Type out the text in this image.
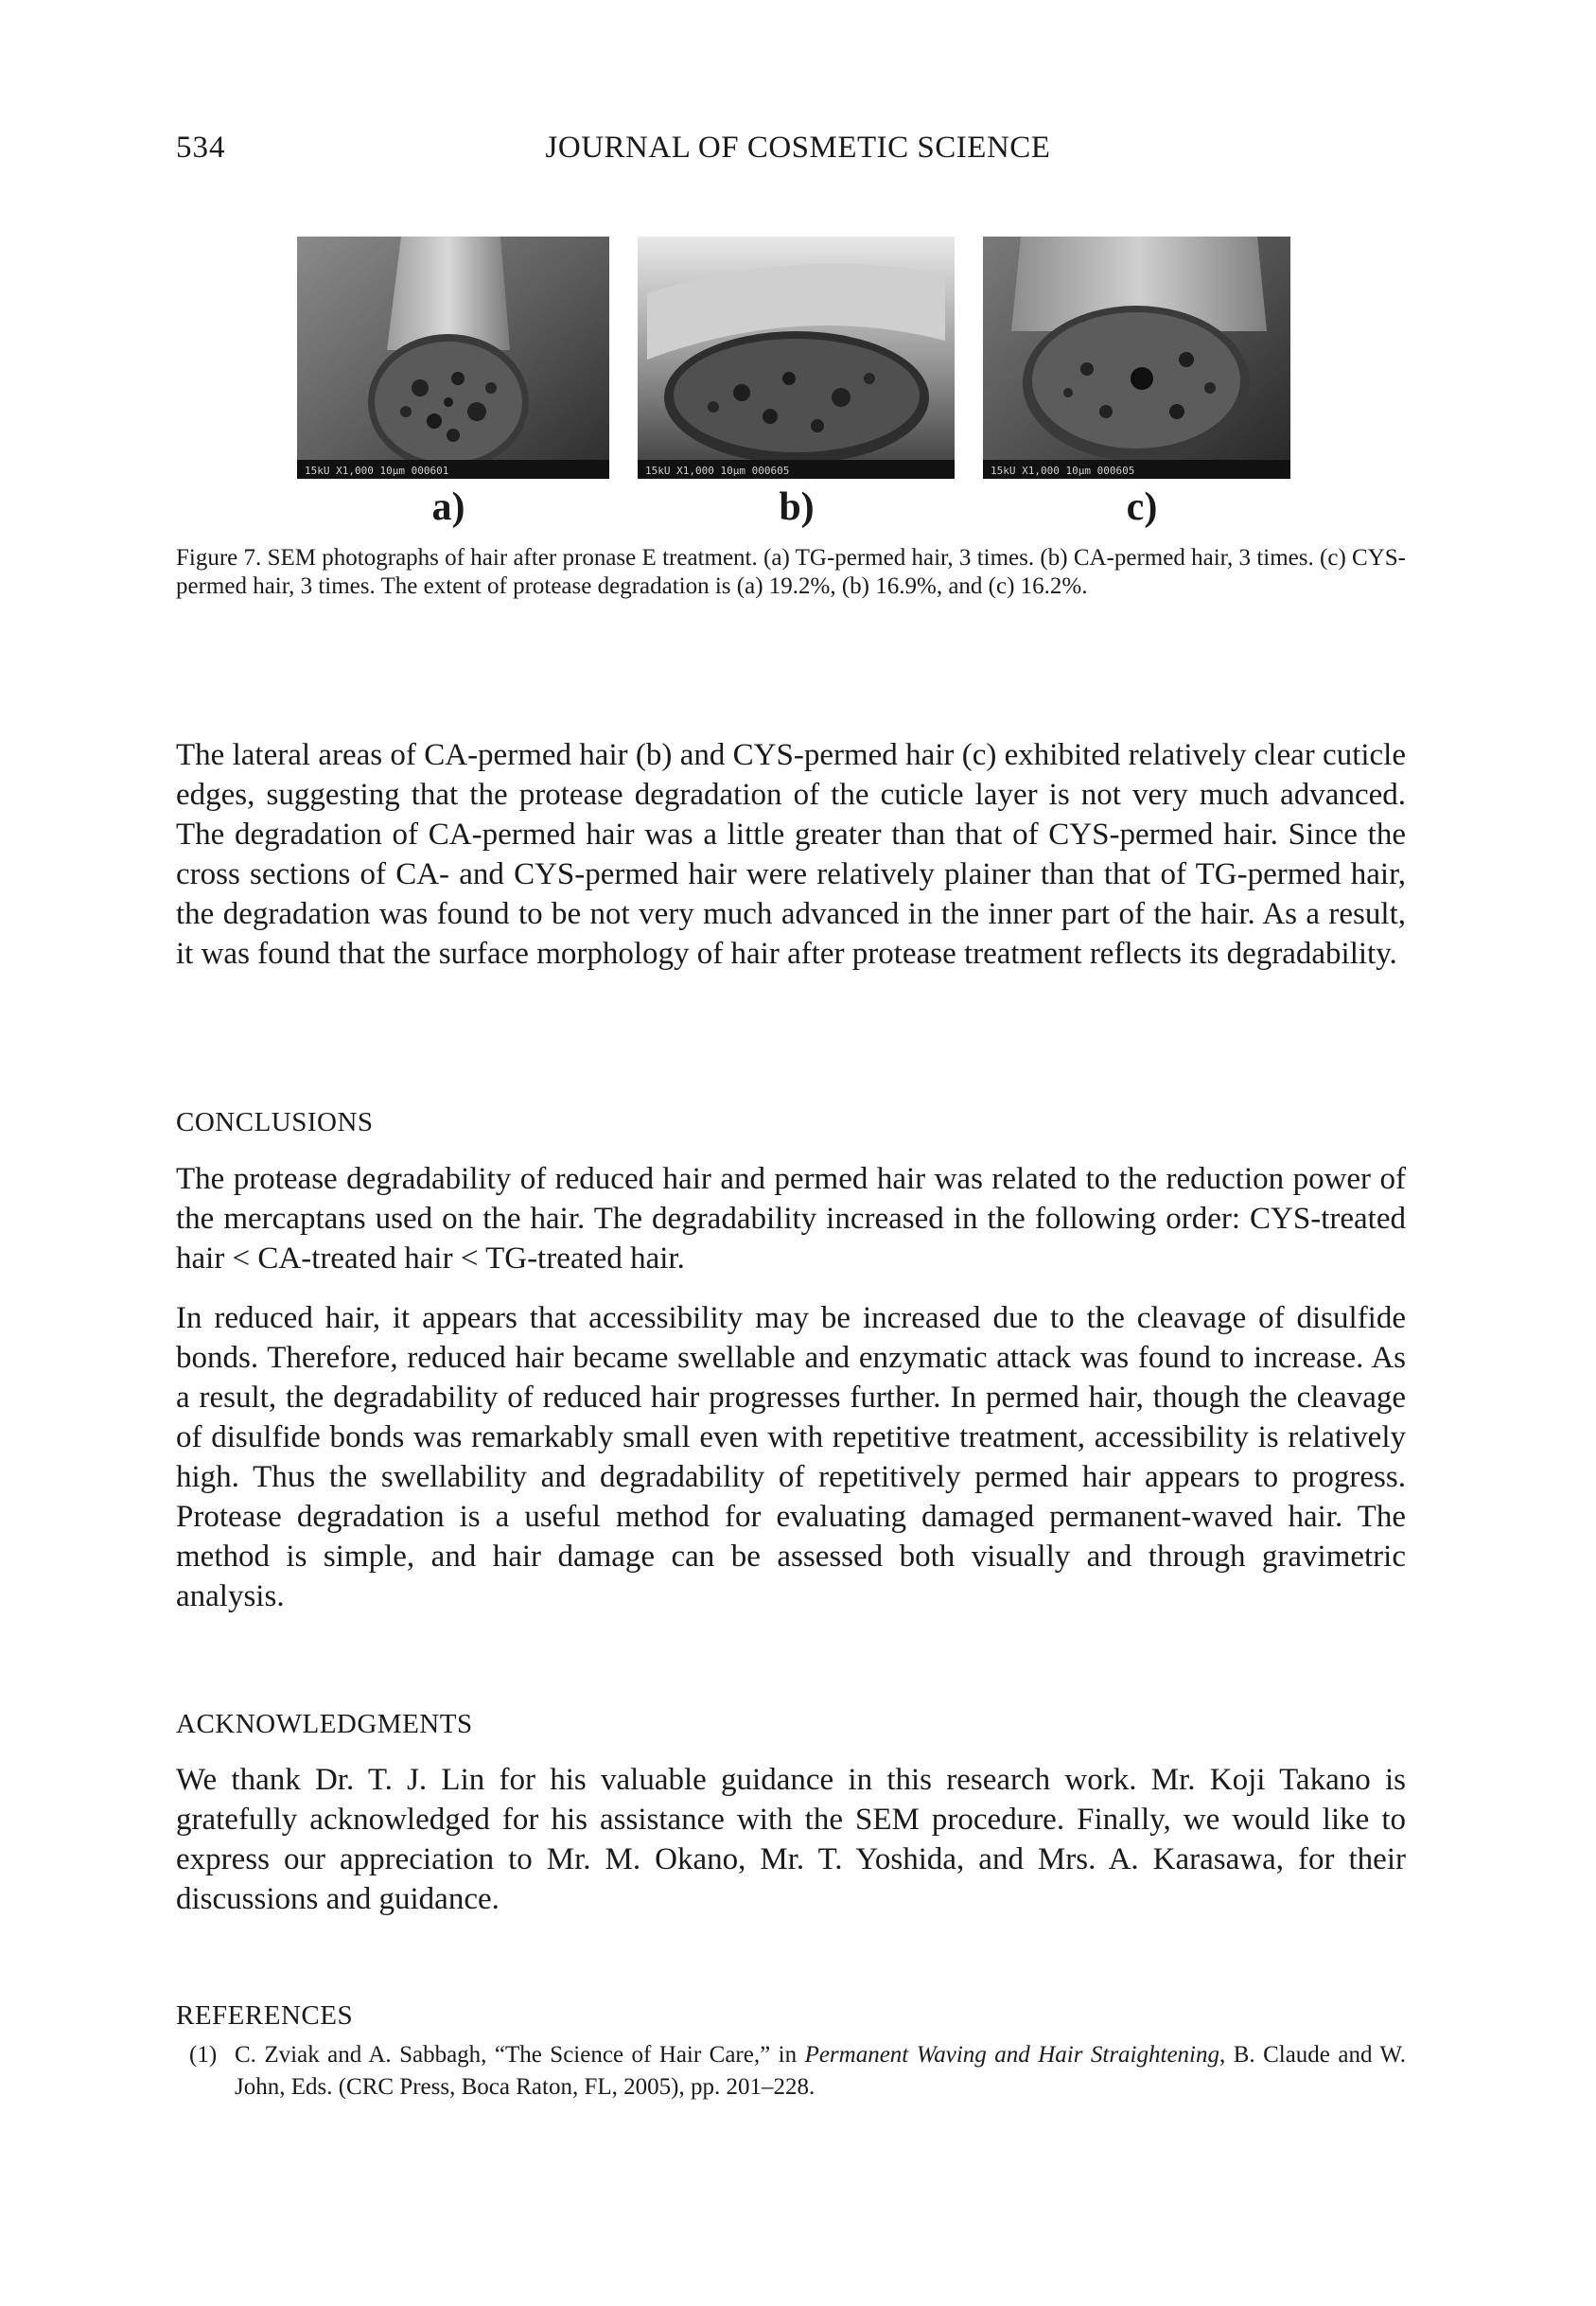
534	JOURNAL OF COSMETIC SCIENCE
15kU X1,000 10μm 000601
a)
15kU X1,000 10μm 000605
b)
15kU X1,000 10μm 000605
c)
Figure 7. SEM photographs of hair after pronase E treatment. (a) TG-permed hair, 3 times. (b) CA-permed hair, 3 times. (c) CYS-permed hair, 3 times. The extent of protease degradation is (a) 19.2%, (b) 16.9%, and (c) 16.2%.

The lateral areas of CA-permed hair (b) and CYS-permed hair (c) exhibited relatively clear cuticle edges, suggesting that the protease degradation of the cuticle layer is not very much advanced. The degradation of CA-permed hair was a little greater than that of CYS-permed hair. Since the cross sections of CA- and CYS-permed hair were relatively plainer than that of TG-permed hair, the degradation was found to be not very much advanced in the inner part of the hair. As a result, it was found that the surface morphology of hair after protease treatment reflects its degradability.

CONCLUSIONS

The protease degradability of reduced hair and permed hair was related to the reduction power of the mercaptans used on the hair. The degradability increased in the following order: CYS-treated hair < CA-treated hair < TG-treated hair.

In reduced hair, it appears that accessibility may be increased due to the cleavage of disulfide bonds. Therefore, reduced hair became swellable and enzymatic attack was found to increase. As a result, the degradability of reduced hair progresses further. In permed hair, though the cleavage of disulfide bonds was remarkably small even with repetitive treatment, accessibility is relatively high. Thus the swellability and degradability of repetitively permed hair appears to progress. Protease degradation is a useful method for evaluating damaged permanent-waved hair. The method is simple, and hair damage can be assessed both visually and through gravimetric analysis.

ACKNOWLEDGMENTS

We thank Dr. T. J. Lin for his valuable guidance in this research work. Mr. Koji Takano is gratefully acknowledged for his assistance with the SEM procedure. Finally, we would like to express our appreciation to Mr. M. Okano, Mr. T. Yoshida, and Mrs. A. Karasawa, for their discussions and guidance.

REFERENCES
(1) C. Zviak and A. Sabbagh, “The Science of Hair Care,” in Permanent Waving and Hair Straightening, B. Claude and W. John, Eds. (CRC Press, Boca Raton, FL, 2005), pp. 201–228.
